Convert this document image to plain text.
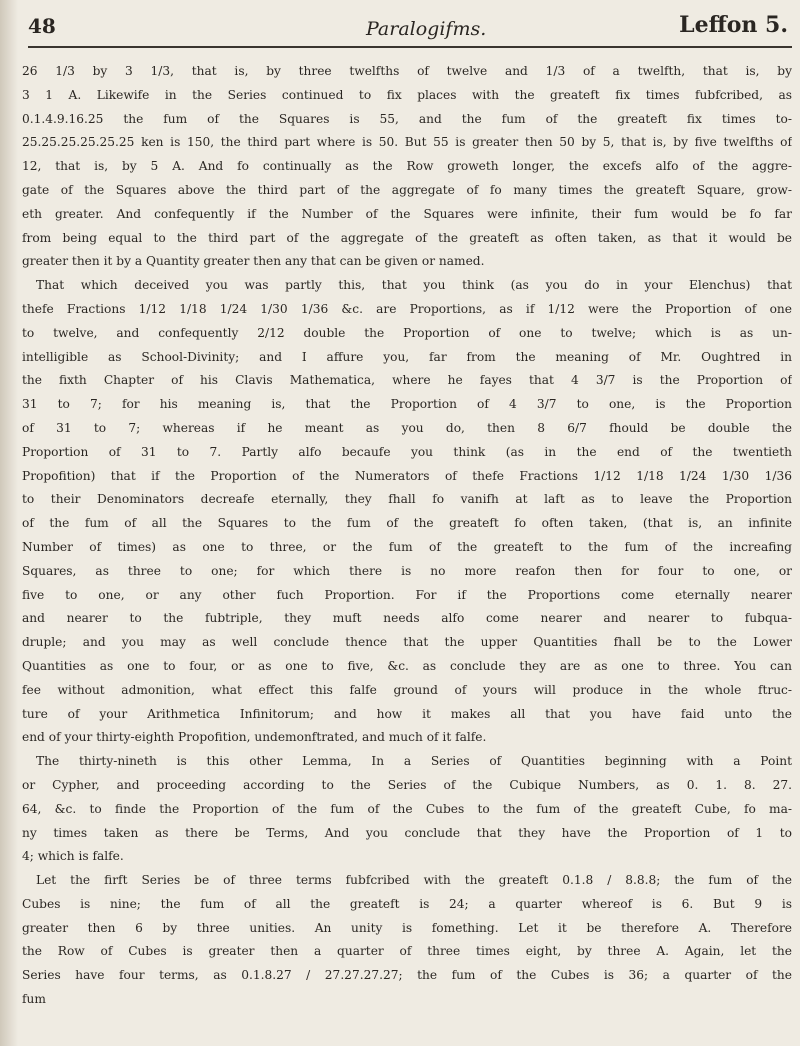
48	Paralogifms.	Leffon 5.
26 1/3 by 3 1/3, that is, by three twelfths of twelve and 1/3 of a twelfth, that is, by
3 1 A. Likewife in the Series continued to fix places with the greateft fix times fubfcribed, as
0.1.4.9.16.25 the fum of the Squares is 55, and the fum of the greateft fix times to-
25.25.25.25.25.25 ken is 150, the third part where is 50. But 55 is greater then 50 by 5, that is, by five twelfths of
12, that is, by 5 A. And fo continually as the Row groweth longer, the excefs alfo of the aggre-
gate of the Squares above the third part of the aggregate of fo many times the greateft Square, grow-
eth greater. And confequently if the Number of the Squares were infinite, their fum would be fo far
from being equal to the third part of the aggregate of the greateft as often taken, as that it would be
greater then it by a Quantity greater then any that can be given or named.
That which deceived you was partly this, that you think (as you do in your Elenchus) that
thefe Fractions 1/12 1/18 1/24 1/30 1/36 &c. are Proportions, as if 1/12 were the Proportion of one
to twelve, and confequently 2/12 double the Proportion of one to twelve; which is as un-
intelligible as School-Divinity; and I affure you, far from the meaning of Mr. Oughtred in
the fixth Chapter of his Clavis Mathematica, where he fayes that 4 3/7 is the Proportion of
31 to 7; for his meaning is, that the Proportion of 4 3/7 to one, is the Proportion
of 31 to 7; whereas if he meant as you do, then 8 6/7 fhould be double the
Proportion of 31 to 7. Partly alfo becaufe you think (as in the end of the twentieth
Propofition) that if the Proportion of the Numerators of thefe Fractions 1/12 1/18 1/24 1/30 1/36
to their Denominators decreafe eternally, they fhall fo vanifh at laft as to leave the Proportion
of the fum of all the Squares to the fum of the greateft fo often taken, (that is, an infinite
Number of times) as one to three, or the fum of the greateft to the fum of the increafing
Squares, as three to one; for which there is no more reafon then for four to one, or
five to one, or any other fuch Proportion. For if the Proportions come eternally nearer
and nearer to the fubtriple, they muft needs alfo come nearer and nearer to fubqua-
druple; and you may as well conclude thence that the upper Quantities fhall be to the Lower
Quantities as one to four, or as one to five, &c. as conclude they are as one to three. You can
fee without admonition, what effect this falfe ground of yours will produce in the whole ftruc-
ture of your Arithmetica Infinitorum; and how it makes all that you have faid unto the
end of your thirty-eighth Propofition, undemonftrated, and much of it falfe.
The thirty-nineth is this other Lemma, In a Series of Quantities beginning with a Point
or Cypher, and proceeding according to the Series of the Cubique Numbers, as 0. 1. 8. 27.
64, &c. to finde the Proportion of the fum of the Cubes to the fum of the greateft Cube, fo ma-
ny times taken as there be Terms, And you conclude that they have the Proportion of 1 to
4; which is falfe.
Let the firft Series be of three terms fubfcribed with the greateft 0.1.8 / 8.8.8; the fum of the
Cubes is nine; the fum of all the greateft is 24; a quarter whereof is 6. But 9 is
greater then 6 by three unities. An unity is fomething. Let it be therefore A. Therefore
the Row of Cubes is greater then a quarter of three times eight, by three A. Again, let the
Series have four terms, as 0.1.8.27 / 27.27.27.27; the fum of the Cubes is 36; a quarter of the
fum
